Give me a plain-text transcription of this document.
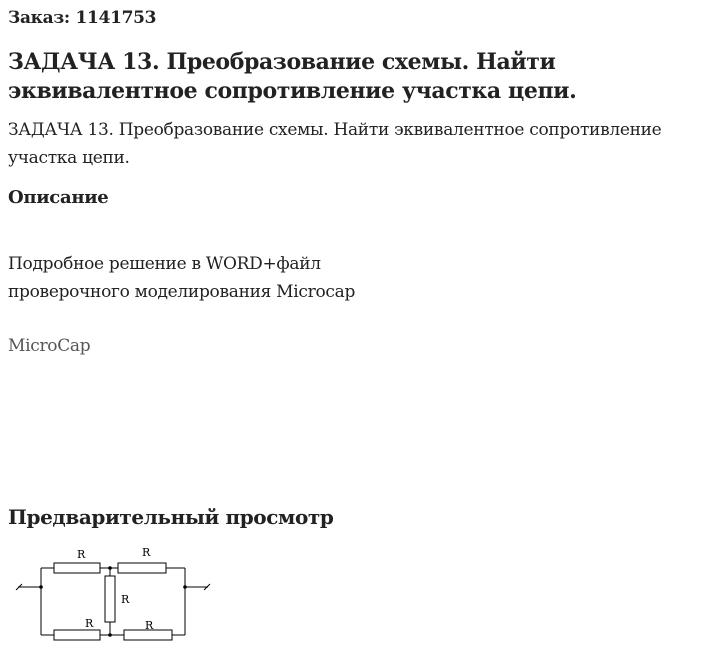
Заказ: 1141753
ЗАДАЧА 13. Преобразование схемы. Найти эквивалентное сопротивление участка цепи.
ЗАДАЧА 13. Преобразование схемы. Найти эквивалентное сопротивление участка цепи.
Описание
Подробное решение в WORD+файл
проверочного моделирования Microcap
MicroCap
Предварительный просмотр
R	R
R
R	R
